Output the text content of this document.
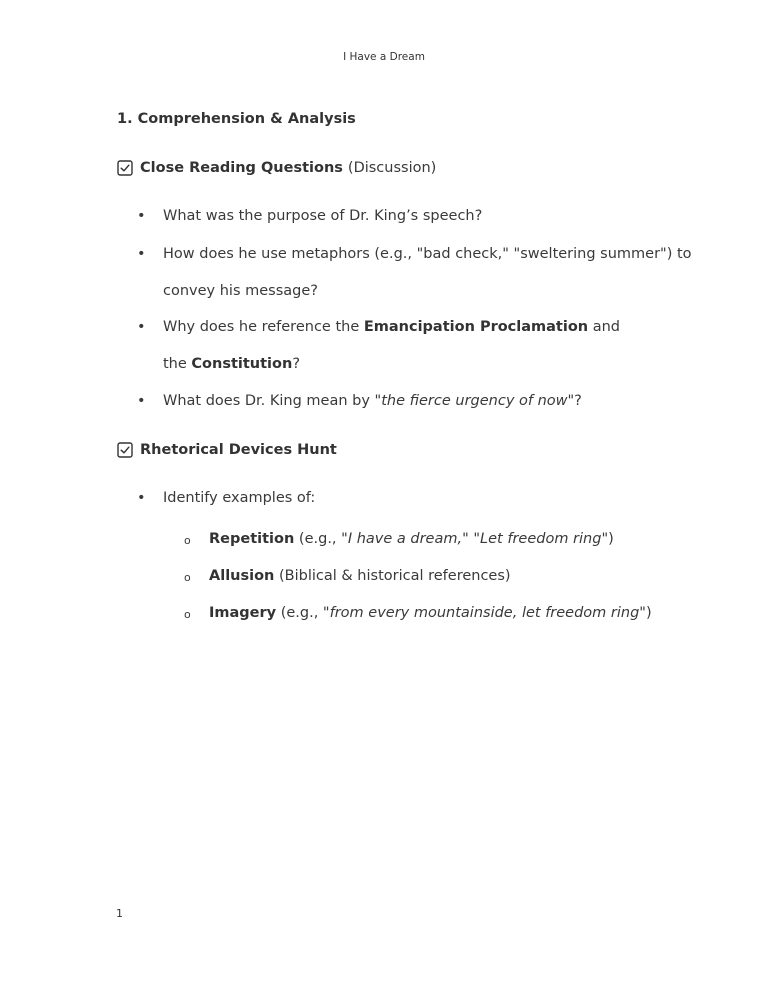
I Have a Dream
1. Comprehension & Analysis
Close Reading Questions (Discussion)
• What was the purpose of Dr. King’s speech?
• How does he use metaphors (e.g., "bad check," "sweltering summer") to
convey his message?
• Why does he reference the Emancipation Proclamation and
the Constitution?
• What does Dr. King mean by "the fierce urgency of now"?
Rhetorical Devices Hunt
• Identify examples of:
o Repetition (e.g., "I have a dream," "Let freedom ring")
o Allusion (Biblical & historical references)
o Imagery (e.g., "from every mountainside, let freedom ring")
1
